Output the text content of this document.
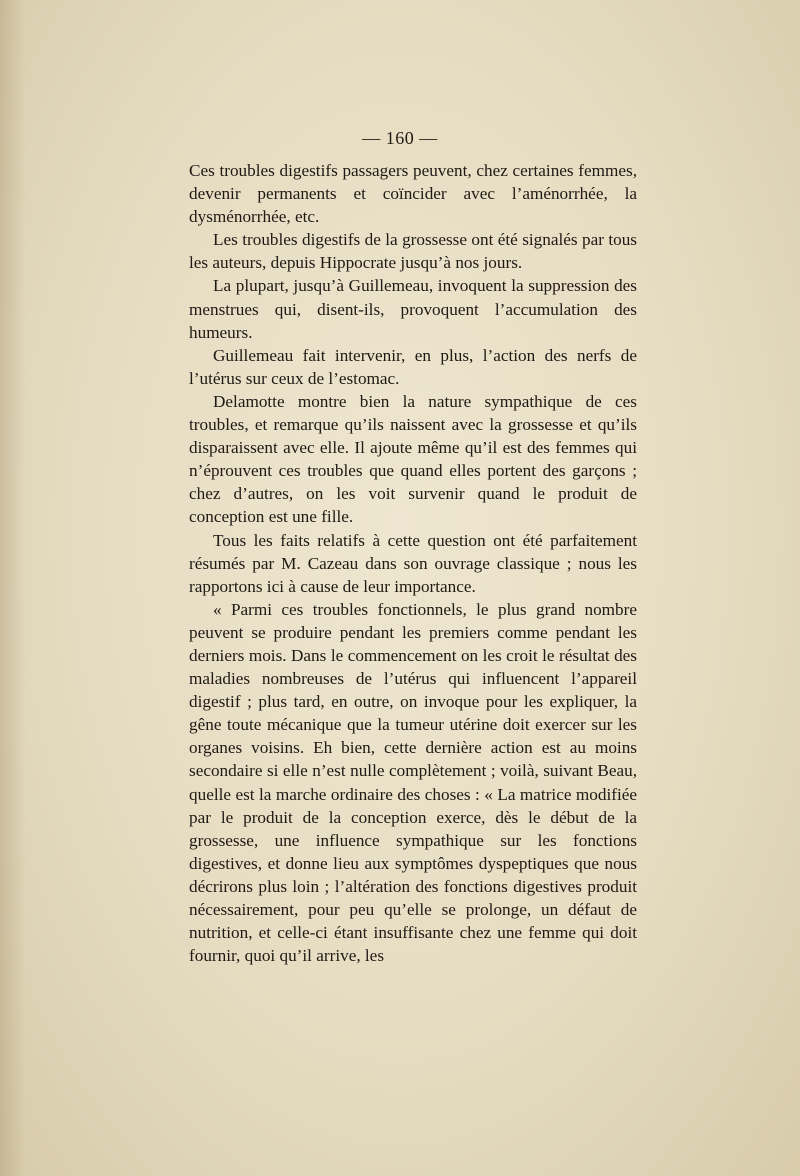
— 160 —

Ces troubles digestifs passagers peuvent, chez certaines femmes, devenir permanents et coïncider avec l’aménorrhée, la dysménorrhée, etc.

Les troubles digestifs de la grossesse ont été signalés par tous les auteurs, depuis Hippocrate jusqu’à nos jours.

La plupart, jusqu’à Guillemeau, invoquent la suppression des menstrues qui, disent-ils, provoquent l’accumulation des humeurs.

Guillemeau fait intervenir, en plus, l’action des nerfs de l’utérus sur ceux de l’estomac.

Delamotte montre bien la nature sympathique de ces troubles, et remarque qu’ils naissent avec la grossesse et qu’ils disparaissent avec elle. Il ajoute même qu’il est des femmes qui n’éprouvent ces troubles que quand elles portent des garçons ; chez d’autres, on les voit survenir quand le produit de conception est une fille.

Tous les faits relatifs à cette question ont été parfaitement résumés par M. Cazeau dans son ouvrage classique ; nous les rapportons ici à cause de leur importance.

« Parmi ces troubles fonctionnels, le plus grand nombre peuvent se produire pendant les premiers comme pendant les derniers mois. Dans le commencement on les croit le résultat des maladies nombreuses de l’utérus qui influencent l’appareil digestif ; plus tard, en outre, on invoque pour les expliquer, la gêne toute mécanique que la tumeur utérine doit exercer sur les organes voisins. Eh bien, cette dernière action est au moins secondaire si elle n’est nulle complètement ; voilà, suivant Beau, quelle est la marche ordinaire des choses : « La matrice modifiée par le produit de la conception exerce, dès le début de la grossesse, une influence sympathique sur les fonctions digestives, et donne lieu aux symptômes dyspeptiques que nous décrirons plus loin ; l’altération des fonctions digestives produit nécessairement, pour peu qu’elle se prolonge, un défaut de nutrition, et celle-ci étant insuffisante chez une femme qui doit fournir, quoi qu’il arrive, les
